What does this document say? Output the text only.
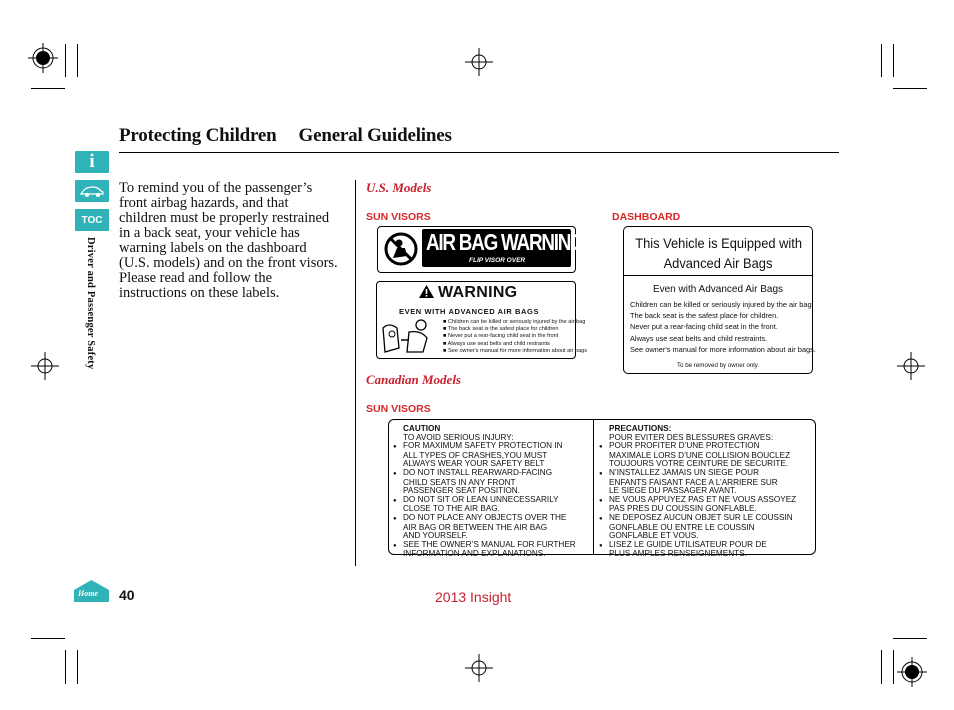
Protecting Children General Guidelines
i
TOC
Driver and Passenger Safety
Home
To remind you of the passenger’s
front airbag hazards, and that
children must be properly restrained
in a back seat, your vehicle has
warning labels on the dashboard
(U.S. models) and on the front visors.
Please read and follow the
instructions on these labels.
U.S. Models
SUN VISORS	DASHBOARD
AIR BAG WARNING
FLIP VISOR OVER
WARNING
EVEN WITH ADVANCED AIR BAGS
■ Children can be killed or seriously injured by the air bag
■ The back seat is the safest place for children
■ Never put a rear-facing child seat in the front
■ Always use seat belts and child restraints
■ See owner's manual for more information about air bags
This Vehicle is Equipped with
Advanced Air Bags
Even with Advanced Air Bags
To be removed by owner only.
Children can be killed or seriously injured by the air bag.
The back seat is the safest place for children.
Never put a rear-facing child seat in the front.
Always use seat belts and child restraints.
See owner's manual for more information about air bags.
Canadian Models
SUN VISORS
CAUTION
TO AVOID SERIOUS INJURY:
● FOR MAXIMUM SAFETY PROTECTION IN
ALL TYPES OF CRASHES,YOU MUST
ALWAYS WEAR YOUR SAFETY BELT
● DO NOT INSTALL REARWARD-FACING
CHILD SEATS IN ANY FRONT
PASSENGER SEAT POSITION.
● DO NOT SIT OR LEAN UNNECESSARILY
CLOSE TO THE AIR BAG.
● DO NOT PLACE ANY OBJECTS OVER THE
AIR BAG OR BETWEEN THE AIR BAG
AND YOURSELF.
● SEE THE OWNER’S MANUAL FOR FURTHER
INFORMATION AND EXPLANATIONS.
PRECAUTIONS:
POUR EVITER DES BLESSURES GRAVES:
● POUR PROFITER D’UNE PROTECTION
MAXIMALE LORS D’UNE COLLISION BOUCLEZ
TOUJOURS VOTRE CEINTURE DE SECURITE.
● N’INSTALLEZ JAMAIS UN SIEGE POUR
ENFANTS FAISANT FACE A L’ARRIERE SUR
LE SIEGE DU PASSAGER AVANT.
● NE VOUS APPUYEZ PAS ET NE VOUS ASSOYEZ
PAS PRES DU COUSSIN GONFLABLE.
● NE DEPOSEZ AUCUN OBJET SUR LE COUSSIN
GONFLABLE OU ENTRE LE COUSSIN
GONFLABLE ET VOUS.
● LISEZ LE GUIDE UTILISATEUR POUR DE
PLUS AMPLES RENSEIGNEMENTS.
40	2013 Insight
